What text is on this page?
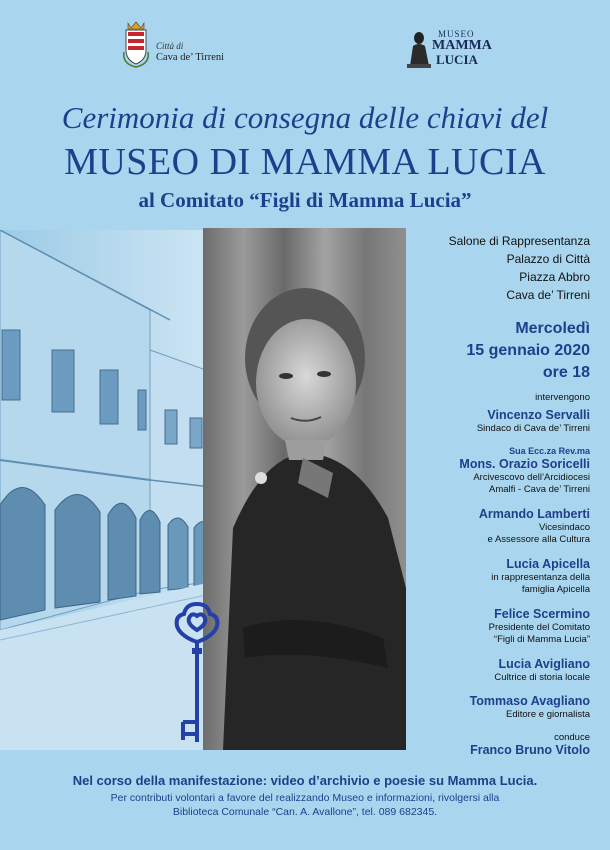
Città di
Cava de’ Tirreni
MUSEO
MAMMA
LUCIA
Cerimonia di consegna delle chiavi del
MUSEO DI MAMMA LUCIA
al Comitato “Figli di Mamma Lucia”
Salone di Rappresentanza
Palazzo di Città
Piazza Abbro
Cava de’ Tirreni
Mercoledì
15 gennaio 2020
ore 18
intervengono
Vincenzo Servalli
Sindaco di Cava de’ Tirreni
Sua Ecc.za Rev.ma
Mons. Orazio Soricelli
Arcivescovo dell’Arcidiocesi
Amalfi - Cava de’ Tirreni
Armando Lamberti
Vicesindaco
e Assessore alla Cultura
Lucia Apicella
in rappresentanza della
famiglia Apicella
Felice Scermino
Presidente del Comitato
“Figli di Mamma Lucia”
Lucia Avigliano
Cultrice di storia locale
Tommaso Avagliano
Editore e giornalista
conduce
Franco Bruno Vitolo
Nel corso della manifestazione: video d’archivio e poesie su Mamma Lucia.
Per contributi volontari a favore del realizzando Museo e informazioni, rivolgersi alla
Biblioteca Comunale “Can. A. Avallone”, tel. 089 682345.
